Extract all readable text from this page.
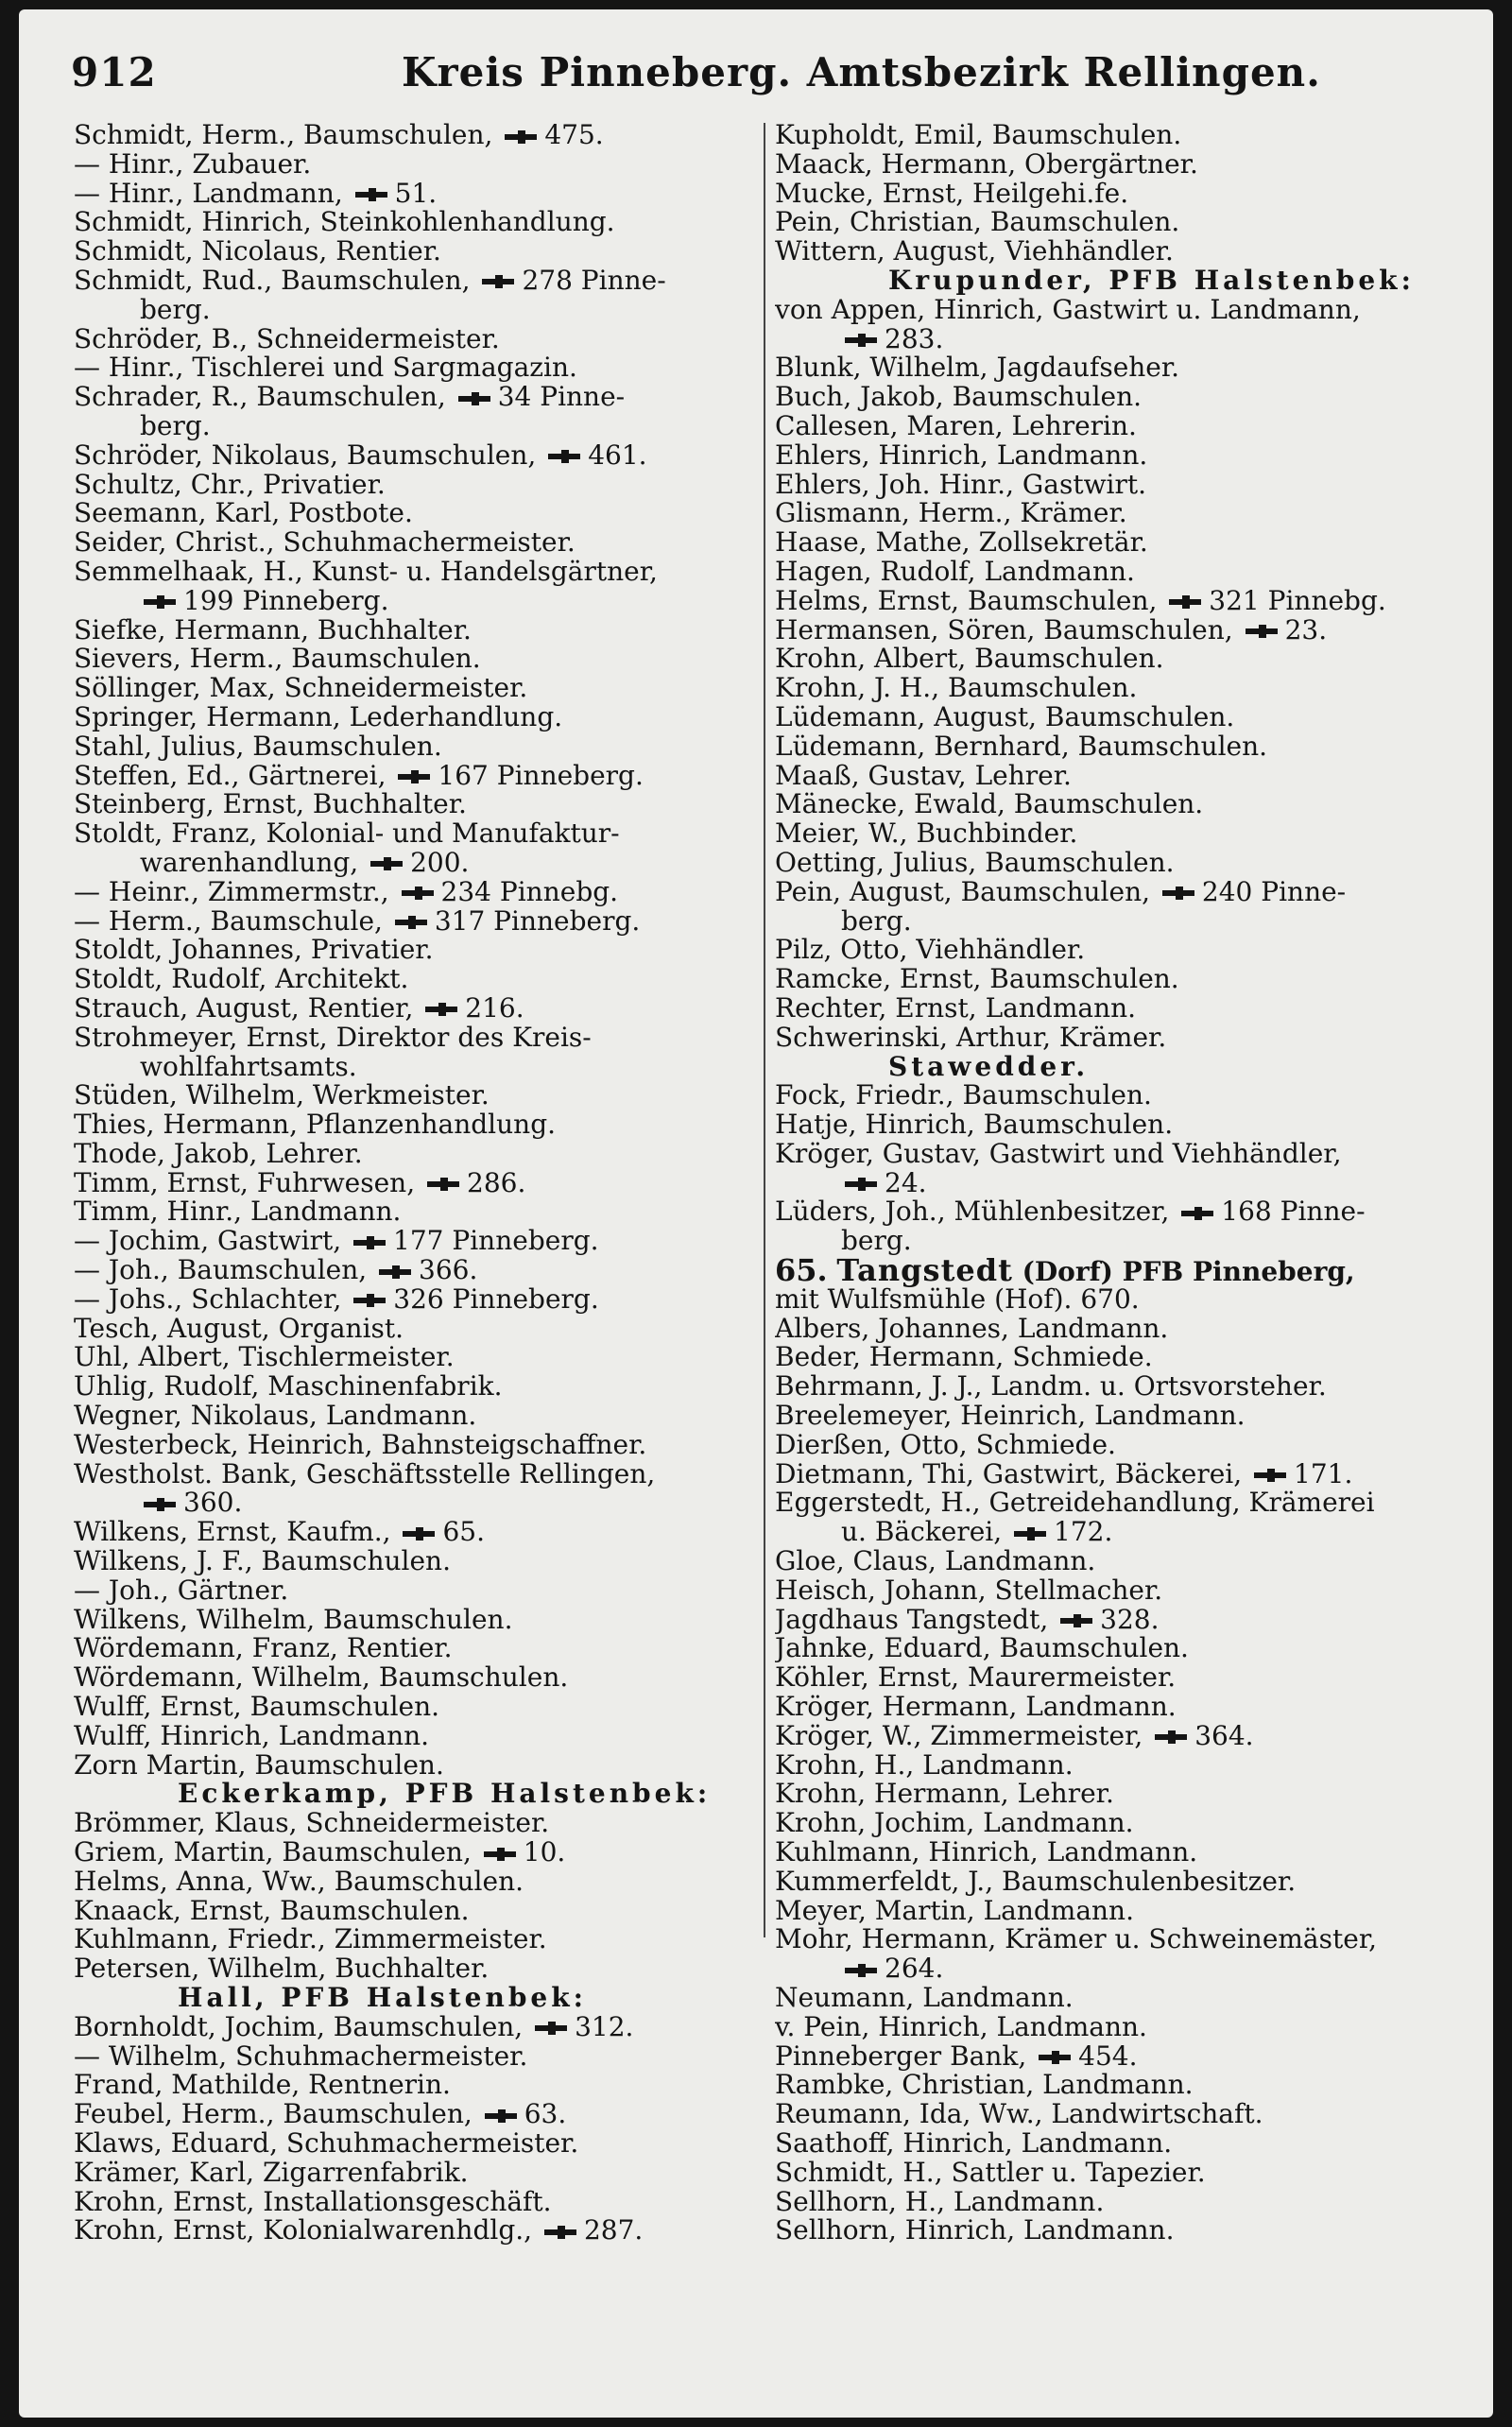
912	Kreis Pinneberg. Amtsbezirk Rellingen.
Schmidt, Herm., Baumschulen,
475.
— Hinr., Zubauer.
— Hinr., Landmann,
51.
Schmidt, Hinrich, Steinkohlenhandlung.
Schmidt, Nicolaus, Rentier.
Schmidt, Rud., Baumschulen,
278 Pinne-
berg.
Schröder, B., Schneidermeister.
— Hinr., Tischlerei und Sargmagazin.
Schrader, R., Baumschulen,
34 Pinne-
berg.
Schröder, Nikolaus, Baumschulen,
461.
Schultz, Chr., Privatier.
Seemann, Karl, Postbote.
Seider, Christ., Schuhmachermeister.
Semmelhaak, H., Kunst- u. Handelsgärtner,
199 Pinneberg.
Siefke, Hermann, Buchhalter.
Sievers, Herm., Baumschulen.
Söllinger, Max, Schneidermeister.
Springer, Hermann, Lederhandlung.
Stahl, Julius, Baumschulen.
Steffen, Ed., Gärtnerei,
167 Pinneberg.
Steinberg, Ernst, Buchhalter.
Stoldt, Franz, Kolonial- und Manufaktur-
warenhandlung,
200.
— Heinr., Zimmermstr.,
234 Pinnebg.
— Herm., Baumschule,
317 Pinneberg.
Stoldt, Johannes, Privatier.
Stoldt, Rudolf, Architekt.
Strauch, August, Rentier,
216.
Strohmeyer, Ernst, Direktor des Kreis-
wohlfahrtsamts.
Stüden, Wilhelm, Werkmeister.
Thies, Hermann, Pflanzenhandlung.
Thode, Jakob, Lehrer.
Timm, Ernst, Fuhrwesen,
286.
Timm, Hinr., Landmann.
— Jochim, Gastwirt,
177 Pinneberg.
— Joh., Baumschulen,
366.
— Johs., Schlachter,
326 Pinneberg.
Tesch, August, Organist.
Uhl, Albert, Tischlermeister.
Uhlig, Rudolf, Maschinenfabrik.
Wegner, Nikolaus, Landmann.
Westerbeck, Heinrich, Bahnsteigschaffner.
Westholst. Bank, Geschäftsstelle Rellingen,
360.
Wilkens, Ernst, Kaufm.,
65.
Wilkens, J. F., Baumschulen.
— Joh., Gärtner.
Wilkens, Wilhelm, Baumschulen.
Wördemann, Franz, Rentier.
Wördemann, Wilhelm, Baumschulen.
Wulff, Ernst, Baumschulen.
Wulff, Hinrich, Landmann.
Zorn Martin, Baumschulen.
Eckerkamp, PFB Halstenbek:
Brömmer, Klaus, Schneidermeister.
Griem, Martin, Baumschulen,
10.
Helms, Anna, Ww., Baumschulen.
Knaack, Ernst, Baumschulen.
Kuhlmann, Friedr., Zimmermeister.
Petersen, Wilhelm, Buchhalter.
Hall, PFB Halstenbek:
Bornholdt, Jochim, Baumschulen,
312.
— Wilhelm, Schuhmachermeister.
Frand, Mathilde, Rentnerin.
Feubel, Herm., Baumschulen,
63.
Klaws, Eduard, Schuhmachermeister.
Krämer, Karl, Zigarrenfabrik.
Krohn, Ernst, Installationsgeschäft.
Krohn, Ernst, Kolonialwarenhdlg.,
287.
Kupholdt, Emil, Baumschulen.
Maack, Hermann, Obergärtner.
Mucke, Ernst, Heilgehi.fe.
Pein, Christian, Baumschulen.
Wittern, August, Viehhändler.
Krupunder, PFB Halstenbek:
von Appen, Hinrich, Gastwirt u. Landmann,
283.
Blunk, Wilhelm, Jagdaufseher.
Buch, Jakob, Baumschulen.
Callesen, Maren, Lehrerin.
Ehlers, Hinrich, Landmann.
Ehlers, Joh. Hinr., Gastwirt.
Glismann, Herm., Krämer.
Haase, Mathe, Zollsekretär.
Hagen, Rudolf, Landmann.
Helms, Ernst, Baumschulen,
321 Pinnebg.
Hermansen, Sören, Baumschulen,
23.
Krohn, Albert, Baumschulen.
Krohn, J. H., Baumschulen.
Lüdemann, August, Baumschulen.
Lüdemann, Bernhard, Baumschulen.
Maaß, Gustav, Lehrer.
Mänecke, Ewald, Baumschulen.
Meier, W., Buchbinder.
Oetting, Julius, Baumschulen.
Pein, August, Baumschulen,
240 Pinne-
berg.
Pilz, Otto, Viehhändler.
Ramcke, Ernst, Baumschulen.
Rechter, Ernst, Landmann.
Schwerinski, Arthur, Krämer.
Stawedder.
Fock, Friedr., Baumschulen.
Hatje, Hinrich, Baumschulen.
Kröger, Gustav, Gastwirt und Viehhändler,
24.
Lüders, Joh., Mühlenbesitzer,
168 Pinne-
berg.
65. Tangstedt (Dorf) PFB Pinneberg,
mit Wulfsmühle (Hof). 670.
Albers, Johannes, Landmann.
Beder, Hermann, Schmiede.
Behrmann, J. J., Landm. u. Ortsvorsteher.
Breelemeyer, Heinrich, Landmann.
Dierßen, Otto, Schmiede.
Dietmann, Thi, Gastwirt, Bäckerei,
171.
Eggerstedt, H., Getreidehandlung, Krämerei
u. Bäckerei,
172.
Gloe, Claus, Landmann.
Heisch, Johann, Stellmacher.
Jagdhaus Tangstedt,
328.
Jahnke, Eduard, Baumschulen.
Köhler, Ernst, Maurermeister.
Kröger, Hermann, Landmann.
Kröger, W., Zimmermeister,
364.
Krohn, H., Landmann.
Krohn, Hermann, Lehrer.
Krohn, Jochim, Landmann.
Kuhlmann, Hinrich, Landmann.
Kummerfeldt, J., Baumschulenbesitzer.
Meyer, Martin, Landmann.
Mohr, Hermann, Krämer u. Schweinemäster,
264.
Neumann, Landmann.
v. Pein, Hinrich, Landmann.
Pinneberger Bank,
454.
Rambke, Christian, Landmann.
Reumann, Ida, Ww., Landwirtschaft.
Saathoff, Hinrich, Landmann.
Schmidt, H., Sattler u. Tapezier.
Sellhorn, H., Landmann.
Sellhorn, Hinrich, Landmann.
